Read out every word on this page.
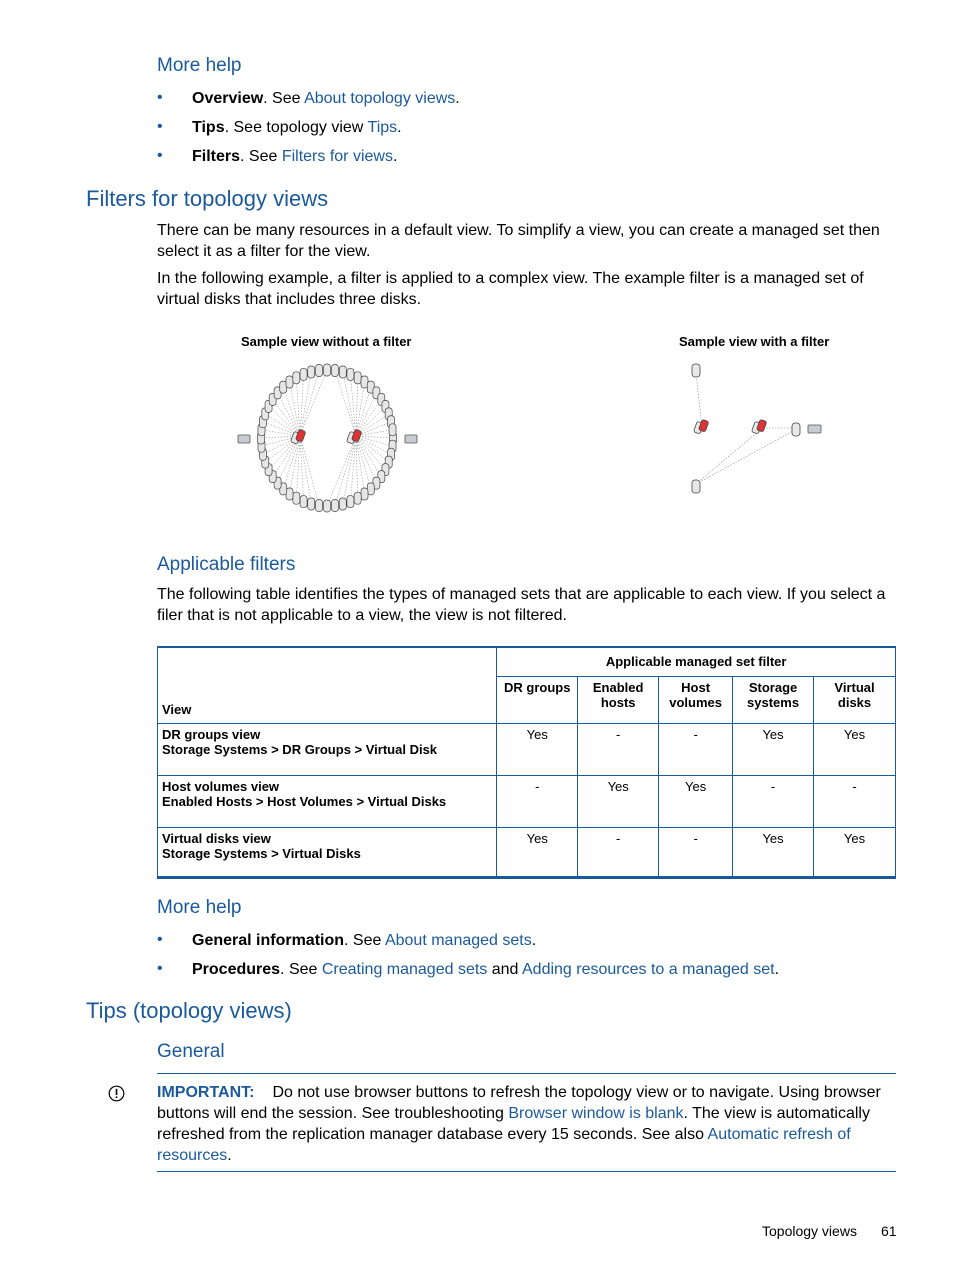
More help
• Overview. See About topology views.
• Tips. See topology view Tips.
• Filters. See Filters for views.
Filters for topology views
There can be many resources in a default view. To simplify a view, you can create a managed set then select it as a filter for the view.
In the following example, a filter is applied to a complex view. The example filter is a managed set of virtual disks that includes three disks.
Sample view without a filter	Sample view with a filter
Applicable filters
The following table identifies the types of managed sets that are applicable to each view. If you select a filer that is not applicable to a view, the view is not filtered.
View	Applicable managed set filter				
	DR groups	Enabled hosts	Host volumes	Storage systems	Virtual disks

DR groups view
Storage Systems > DR Groups > Virtual Disk	Yes	-	-	Yes	Yes

Host volumes view
Enabled Hosts > Host Volumes > Virtual Disks	-	Yes	Yes	-	-

Virtual disks view
Storage Systems > Virtual Disks	Yes	-	-	Yes	Yes
More help
• General information. See About managed sets.
• Procedures. See Creating managed sets and Adding resources to a managed set.
Tips (topology views)
General
IMPORTANT: Do not use browser buttons to refresh the topology view or to navigate. Using browser buttons will end the session. See troubleshooting Browser window is blank. The view is automatically refreshed from the replication manager database every 15 seconds. See also Automatic refresh of resources.
Topology views 61
